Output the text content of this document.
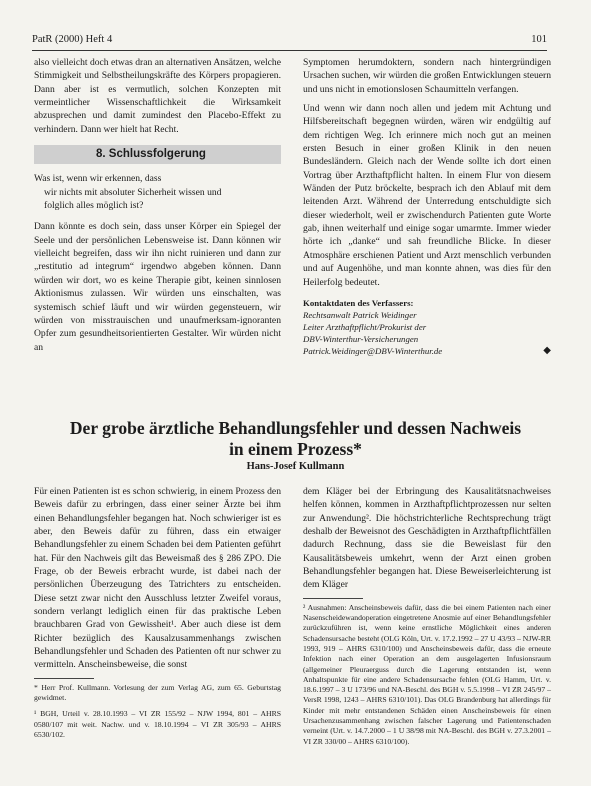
PatR (2000) Heft 4	101

also vielleicht doch etwas dran an alternativen Ansätzen, welche Stimmigkeit und Selbstheilungskräfte des Körpers propagieren. Dann aber ist es vermutlich, solchen Konzepten mit vermeintlicher Wissenschaftlichkeit die Wirksamkeit abzusprechen und damit zumindest den Placebo-Effekt zu verhindern. Dann wer hielt hat Recht.

8. Schlussfolgerung
Was ist, wenn wir erkennen, dass
wir nichts mit absoluter Sicherheit wissen und
folglich alles möglich ist?

Dann könnte es doch sein, dass unser Körper ein Spiegel der Seele und der persönlichen Lebensweise ist. Dann können wir vielleicht begreifen, dass wir ihn nicht ruinieren und dann zur „restitutio ad integrum“ irgendwo abgeben können. Dann würden wir dort, wo es keine Therapie gibt, keinen sinnlosen Aktionismus zulassen. Wir würden uns einschalten, was systemisch schief läuft und wir würden gegensteuern, wir würden von misstrauischen und unaufmerksam-ignoranten Opfer zum gesundheitsorientierten Gestalter. Wir würden nicht an

Symptomen herumdoktern, sondern nach hintergründigen Ursachen suchen, wir würden die großen Entwicklungen steuern und uns nicht in emotionslosen Schaumitteln verfangen.

Und wenn wir dann noch allen und jedem mit Achtung und Hilfsbereitschaft begegnen würden, wären wir endgültig auf dem richtigen Weg. Ich erinnere mich noch gut an meinen ersten Besuch in einer großen Klinik in den neuen Bundesländern. Gleich nach der Wende sollte ich dort einen Vortrag über Arzthaftpflicht halten. In einem Flur von diesem Wänden der Putz bröckelte, besprach ich den Ablauf mit dem leitenden Arzt. Während der Unterredung entschuldigte sich dieser wiederholt, weil er zwischendurch Patienten gute Worte gab, ihnen weiterhalf und einige sogar umarmte. Immer wieder hörte ich „danke“ und sah freundliche Blicke. In dieser Atmosphäre erschienen Patient und Arzt menschlich verbunden und auf Augenhöhe, und man konnte ahnen, was dies für den Heilerfolg bedeutet.

Kontaktdaten des Verfassers:
Rechtsanwalt Patrick Weidinger
Leiter Arzthaftpflicht/Prokurist der
DBV-Winterthur-Versicherungen
Patrick.Weidinger@DBV-Winterthur.de	◆
Der grobe ärztliche Behandlungsfehler und dessen Nachweis
in einem Prozess*
Hans-Josef Kullmann

Für einen Patienten ist es schon schwierig, in einem Prozess den Beweis dafür zu erbringen, dass einer seiner Ärzte bei ihm einen Behandlungsfehler begangen hat. Noch schwieriger ist es aber, den Beweis dafür zu führen, dass ein etwaiger Behandlungsfehler zu einem Schaden bei dem Patienten geführt hat. Für den Nachweis gilt das Beweismaß des § 286 ZPO. Die Frage, ob der Beweis erbracht wurde, ist dabei nach der persönlichen Überzeugung des Tatrichters zu entscheiden. Diese setzt zwar nicht den Ausschluss letzter Zweifel voraus, sondern verlangt lediglich einen für das praktische Leben brauchbaren Grad von Gewissheit¹. Aber auch diese ist dem Richter bezüglich des Kausalzusammenhangs zwischen Behandlungsfehler und Schaden des Patienten oft nur schwer zu vermitteln. Anscheinsbeweise, die sonst

* Herr Prof. Kullmann. Vorlesung der zum Verlag AG, zum 65. Geburtstag gewidmet.

¹ BGH, Urteil v. 28.10.1993 – VI ZR 155/92 – NJW 1994, 801 – AHRS 0580/107 mit weit. Nachw. und v. 18.10.1994 – VI ZR 305/93 – AHRS 6530/102.

dem Kläger bei der Erbringung des Kausalitätsnachweises helfen können, kommen in Arzthaftpflichtprozessen nur selten zur Anwendung². Die höchstrichterliche Rechtsprechung trägt deshalb der Beweisnot des Geschädigten in Arzthaftpflichtfällen dadurch Rechnung, dass sie die Beweislast für den Kausalitätsbeweis umkehrt, wenn der Arzt einen groben Behandlungsfehler begangen hat. Diese Beweiserleichterung ist dem Kläger

² Ausnahmen: Anscheinsbeweis dafür, dass die bei einem Patienten nach einer Nasenscheidewandoperation eingetretene Anosmie auf einer Behandlungsfehler zurückzuführen ist, wenn keine ernstliche Möglichkeit eines anderen Schadensursache besteht (OLG Köln, Urt. v. 17.2.1992 – 27 U 43/93 – NJW-RR 1993, 919 – AHRS 6310/100) und Anscheinsbeweis dafür, dass die erneute Infektion nach einer Operation an dem ausgelagerten Infusionsraum (allgemeiner Pleuraerguss durch die Lagerung entstanden ist, wenn Anhaltspunkte für eine andere Schadensursache fehlen (OLG Hamm, Urt. v. 18.6.1997 – 3 U 173/96 und NA-Beschl. des BGH v. 5.5.1998 – VI ZR 245/97 – VersR 1998, 1243 – AHRS 6310/101). Das OLG Brandenburg hat allerdings für Kinder mit mehr entstandenen Schäden einen Anscheinsbeweis für einen Ursachenzusammenhang zwischen falscher Lagerung und Patientenschaden verneint (Urt. v. 14.7.2000 – 1 U 38/98 mit NA-Beschl. des BGH v. 27.3.2001 – VI ZR 330/00 – AHRS 6310/100).
